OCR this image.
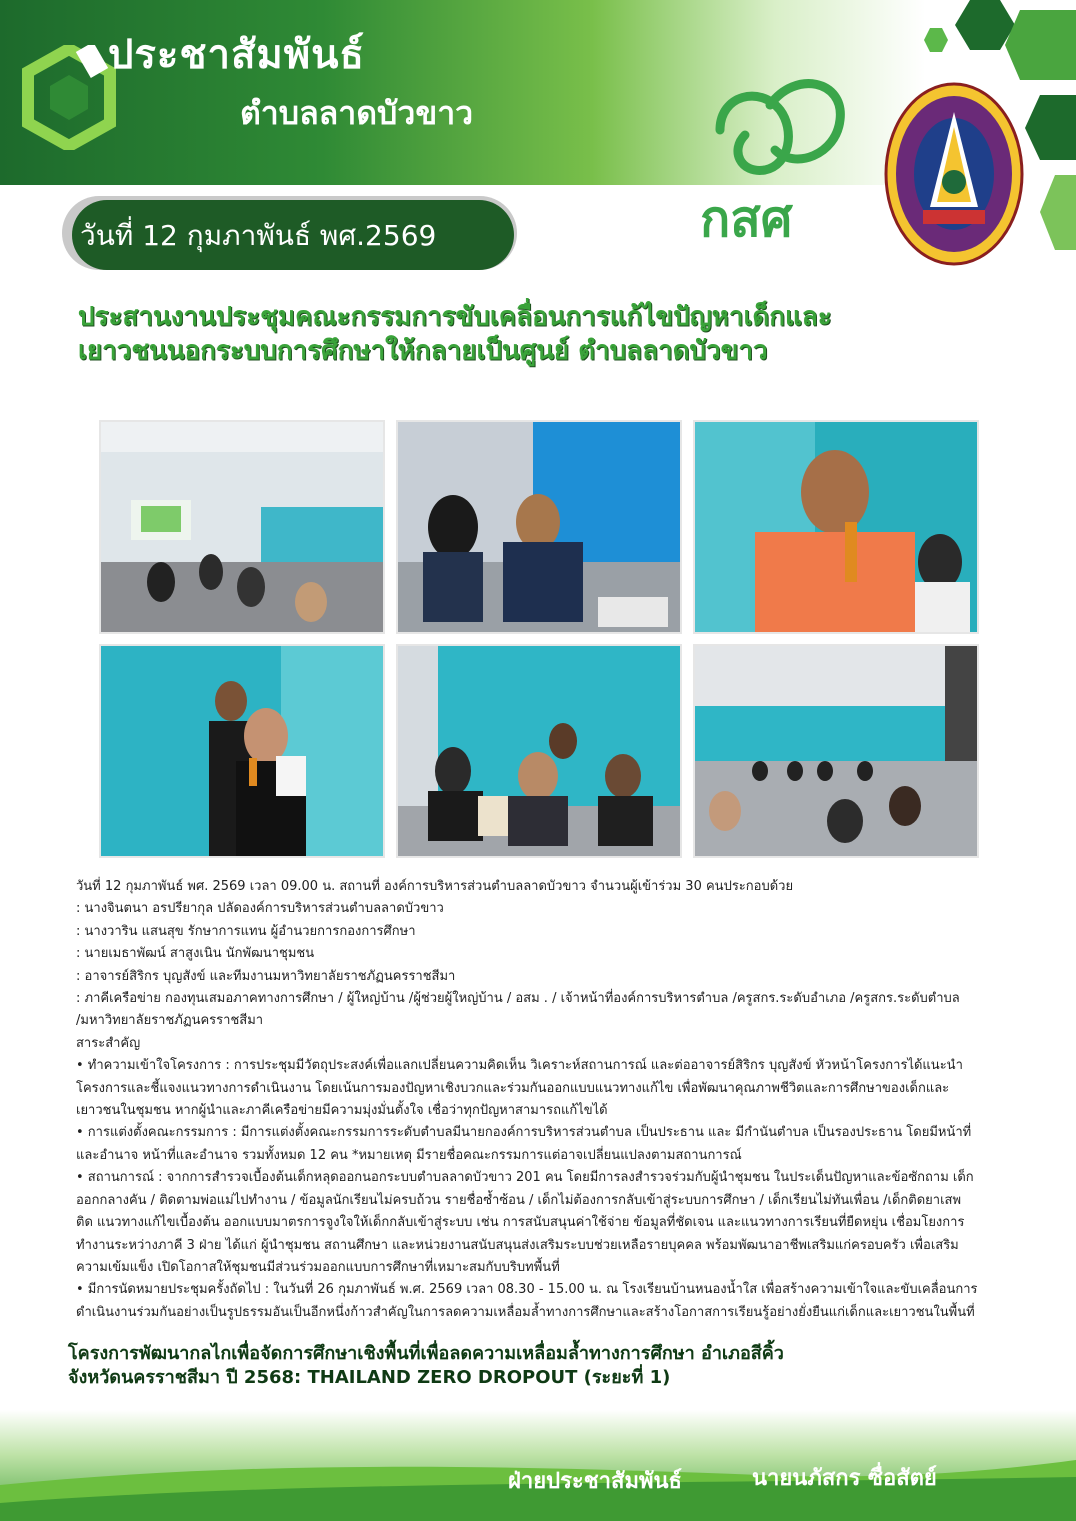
ประชาสัมพันธ์
ตำบลลาดบัวขาว
วันที่ 12 กุมภาพันธ์ พศ.2569	กสศ
ประสานงานประชุมคณะกรรมการขับเคลื่อนการแก้ไขปัญหาเด็กและ
เยาวชนนอกระบบการศึกษาให้กลายเป็นศูนย์ ตำบลลาดบัวขาว

วันที่ 12 กุมภาพันธ์ พศ. 2569 เวลา 09.00 น. สถานที่ องค์การบริหารส่วนตำบลลาดบัวขาว จำนวนผู้เข้าร่วม 30 คนประกอบด้วย

: นางจินตนา อรปรียากุล ปลัดองค์การบริหารส่วนตำบลลาดบัวขาว

: นางวาริน แสนสุข รักษาการแทน ผู้อำนวยการกองการศึกษา

: นายเมธาพัฒน์ สาสูงเนิน นักพัฒนาชุมชน

: อาจารย์สิริกร บุญสังข์ และทีมงานมหาวิทยาลัยราชภัฏนครราชสีมา

: ภาคีเครือข่าย กองทุนเสมอภาคทางการศึกษา / ผู้ใหญ่บ้าน /ผู้ช่วยผู้ใหญ่บ้าน / อสม . / เจ้าหน้าที่องค์การบริหารตำบล /ครูสกร.ระดับอำเภอ /ครูสกร.ระดับตำบล

/มหาวิทยาลัยราชภัฏนครราชสีมา

สาระสำคัญ

• ทำความเข้าใจโครงการ : การประชุมมีวัตถุประสงค์เพื่อแลกเปลี่ยนความคิดเห็น วิเคราะห์สถานการณ์ และต่ออาจารย์สิริกร บุญสังข์ หัวหน้าโครงการได้แนะนำ

โครงการและชี้แจงแนวทางการดำเนินงาน โดยเน้นการมองปัญหาเชิงบวกและร่วมกันออกแบบแนวทางแก้ไข เพื่อพัฒนาคุณภาพชีวิตและการศึกษาของเด็กและ

เยาวชนในชุมชน หากผู้นำและภาคีเครือข่ายมีความมุ่งมั่นตั้งใจ เชื่อว่าทุกปัญหาสามารถแก้ไขได้

• การแต่งตั้งคณะกรรมการ : มีการแต่งตั้งคณะกรรมการระดับตำบลมีนายกองค์การบริหารส่วนตำบล เป็นประธาน และ มีกำนันตำบล เป็นรองประธาน โดยมีหน้าที่

และอำนาจ หน้าที่และอำนาจ รวมทั้งหมด 12 คน *หมายเหตุ มีรายชื่อคณะกรรมการแต่อาจเปลี่ยนแปลงตามสถานการณ์

• สถานการณ์ : จากการสำรวจเบื้องต้นเด็กหลุดออกนอกระบบตำบลลาดบัวขาว 201 คน โดยมีการลงสำรวจร่วมกับผู้นำชุมชน ในประเด็นปัญหาและข้อซักถาม เด็ก

ออกกลางคัน / ติดตามพ่อแม่ไปทำงาน / ข้อมูลนักเรียนไม่ครบถ้วน รายชื่อซ้ำซ้อน / เด็กไม่ต้องการกลับเข้าสู่ระบบการศึกษา / เด็กเรียนไม่ทันเพื่อน /เด็กติดยาเสพ

ติด แนวทางแก้ไขเบื้องต้น ออกแบบมาตรการจูงใจให้เด็กกลับเข้าสู่ระบบ เช่น การสนับสนุนค่าใช้จ่าย ข้อมูลที่ชัดเจน และแนวทางการเรียนที่ยืดหยุ่น เชื่อมโยงการ

ทำงานระหว่างภาคี 3 ฝ่าย ได้แก่ ผู้นำชุมชน สถานศึกษา และหน่วยงานสนับสนุนส่งเสริมระบบช่วยเหลือรายบุคคล พร้อมพัฒนาอาชีพเสริมแก่ครอบครัว เพื่อเสริม

ความเข้มแข็ง เปิดโอกาสให้ชุมชนมีส่วนร่วมออกแบบการศึกษาที่เหมาะสมกับบริบทพื้นที่

• มีการนัดหมายประชุมครั้งถัดไป : ในวันที่ 26 กุมภาพันธ์ พ.ศ. 2569 เวลา 08.30 - 15.00 น. ณ โรงเรียนบ้านหนองน้ำใส เพื่อสร้างความเข้าใจและขับเคลื่อนการ

ดำเนินงานร่วมกันอย่างเป็นรูปธรรมอันเป็นอีกหนึ่งก้าวสำคัญในการลดความเหลื่อมล้ำทางการศึกษาและสร้างโอกาสการเรียนรู้อย่างยั่งยืนแก่เด็กและเยาวชนในพื้นที่

โครงการพัฒนากลไกเพื่อจัดการศึกษาเชิงพื้นที่เพื่อลดความเหลื่อมล้ำทางการศึกษา อำเภอสีคิ้ว
จังหวัดนครราชสีมา ปี 2568: THAILAND ZERO DROPOUT (ระยะที่ 1)
ฝ่ายประชาสัมพันธ์	นายนภัสกร ซื่อสัตย์
